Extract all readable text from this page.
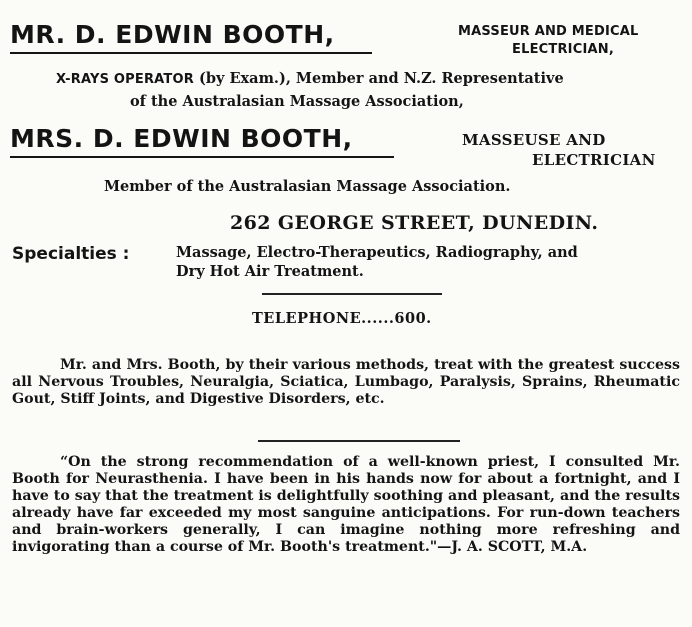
MR. D. EDWIN BOOTH,	MASSEUR AND MEDICAL
ELECTRICIAN,
X-RAYS OPERATOR (by Exam.), Member and N.Z. Representative
of the Australasian Massage Association,
MRS. D. EDWIN BOOTH,	MASSEUSE AND
ELECTRICIAN
Member of the Australasian Massage Association.
262 GEORGE STREET, DUNEDIN.
Specialties :	Massage, Electro-Therapeutics, Radiography, and
Dry Hot Air Treatment.
TELEPHONE......600.
Mr. and Mrs. Booth, by their various methods, treat with the greatest success all Nervous Troubles, Neuralgia, Sciatica, Lumbago, Paralysis, Sprains, Rheumatic Gout, Stiff Joints, and Digestive Disorders, etc.
“On the strong recommendation of a well-known priest, I consulted Mr. Booth for Neurasthenia. I have been in his hands now for about a fortnight, and I have to say that the treatment is delightfully soothing and pleasant, and the results already have far exceeded my most sanguine anticipations. For run-down teachers and brain-workers generally, I can imagine nothing more refreshing and invigorating than a course of Mr. Booth's treatment."—J. A. SCOTT, M.A.
